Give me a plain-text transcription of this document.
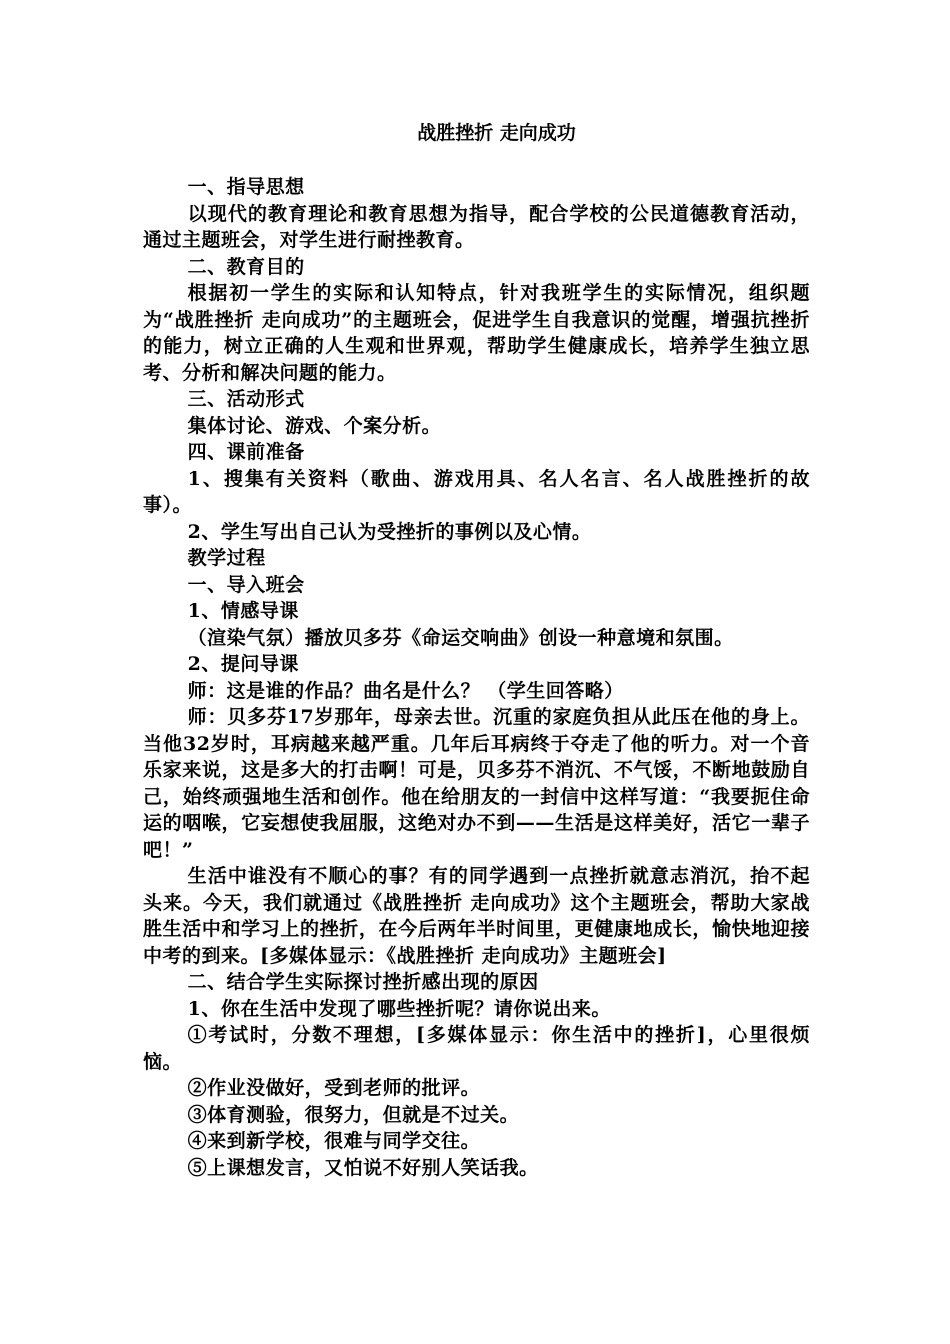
战胜挫折 走向成功

一、指导思想

以现代的教育理论和教育思想为指导，配合学校的公民道德教育活动，通过主题班会，对学生进行耐挫教育。

二、教育目的

根据初一学生的实际和认知特点，针对我班学生的实际情况，组织题为“战胜挫折 走向成功”的主题班会，促进学生自我意识的觉醒，增强抗挫折的能力，树立正确的人生观和世界观，帮助学生健康成长，培养学生独立思考、分析和解决问题的能力。

三、活动形式

集体讨论、游戏、个案分析。

四、课前准备

1、搜集有关资料（歌曲、游戏用具、名人名言、名人战胜挫折的故事）。

2、学生写出自己认为受挫折的事例以及心情。

教学过程

一、导入班会

1、情感导课

（渲染气氛）播放贝多芬《命运交响曲》创设一种意境和氛围。

2、提问导课

师：这是谁的作品？曲名是什么？ （学生回答略）

师：贝多芬17岁那年，母亲去世。沉重的家庭负担从此压在他的身上。当他32岁时，耳病越来越严重。几年后耳病终于夺走了他的听力。对一个音乐家来说，这是多大的打击啊！可是，贝多芬不消沉、不气馁，不断地鼓励自己，始终顽强地生活和创作。他在给朋友的一封信中这样写道：“我要扼住命运的咽喉，它妄想使我屈服，这绝对办不到——生活是这样美好，活它一辈子吧！”

生活中谁没有不顺心的事？有的同学遇到一点挫折就意志消沉，抬不起头来。今天，我们就通过《战胜挫折 走向成功》这个主题班会，帮助大家战胜生活中和学习上的挫折，在今后两年半时间里，更健康地成长，愉快地迎接中考的到来。[多媒体显示：《战胜挫折 走向成功》主题班会]

二、结合学生实际探讨挫折感出现的原因

1、你在生活中发现了哪些挫折呢？请你说出来。

①考试时，分数不理想，[多媒体显示：你生活中的挫折]，心里很烦恼。

②作业没做好，受到老师的批评。

③体育测验，很努力，但就是不过关。

④来到新学校，很难与同学交往。

⑤上课想发言，又怕说不好别人笑话我。
